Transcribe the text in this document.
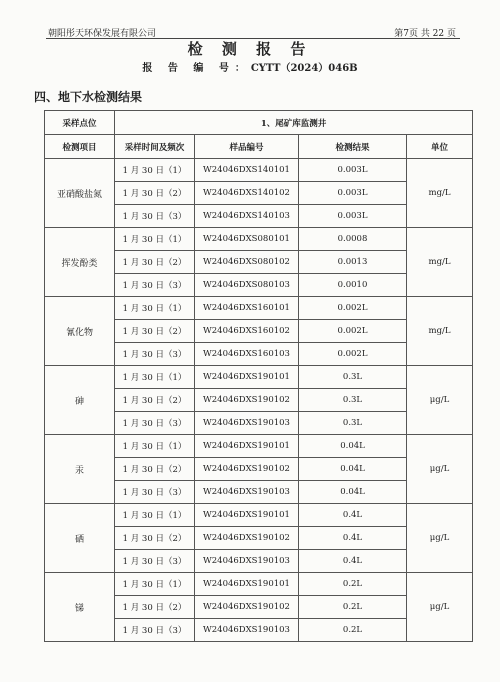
朝阳彤天环保发展有限公司	第7页 共 22 页
检 测 报 告
报 告 编 号：CYTT（2024）046B
四、地下水检测结果
采样点位	1、尾矿库监测井			
检测项目	采样时间及频次	样品编号	检测结果	单位
亚硝酸盐氮	1 月 30 日（1）	W24046DXS140101	0.003L	mg/L
	1 月 30 日（2）	W24046DXS140102	0.003L	
	1 月 30 日（3）	W24046DXS140103	0.003L	
挥发酚类	1 月 30 日（1）	W24046DXS080101	0.0008	mg/L
	1 月 30 日（2）	W24046DXS080102	0.0013	
	1 月 30 日（3）	W24046DXS080103	0.0010	
氰化物	1 月 30 日（1）	W24046DXS160101	0.002L	mg/L
	1 月 30 日（2）	W24046DXS160102	0.002L	
	1 月 30 日（3）	W24046DXS160103	0.002L	
砷	1 月 30 日（1）	W24046DXS190101	0.3L	μg/L
	1 月 30 日（2）	W24046DXS190102	0.3L	
	1 月 30 日（3）	W24046DXS190103	0.3L	
汞	1 月 30 日（1）	W24046DXS190101	0.04L	μg/L
	1 月 30 日（2）	W24046DXS190102	0.04L	
	1 月 30 日（3）	W24046DXS190103	0.04L	
硒	1 月 30 日（1）	W24046DXS190101	0.4L	μg/L
	1 月 30 日（2）	W24046DXS190102	0.4L	
	1 月 30 日（3）	W24046DXS190103	0.4L	
锑	1 月 30 日（1）	W24046DXS190101	0.2L	μg/L
	1 月 30 日（2）	W24046DXS190102	0.2L	
	1 月 30 日（3）	W24046DXS190103	0.2L	
